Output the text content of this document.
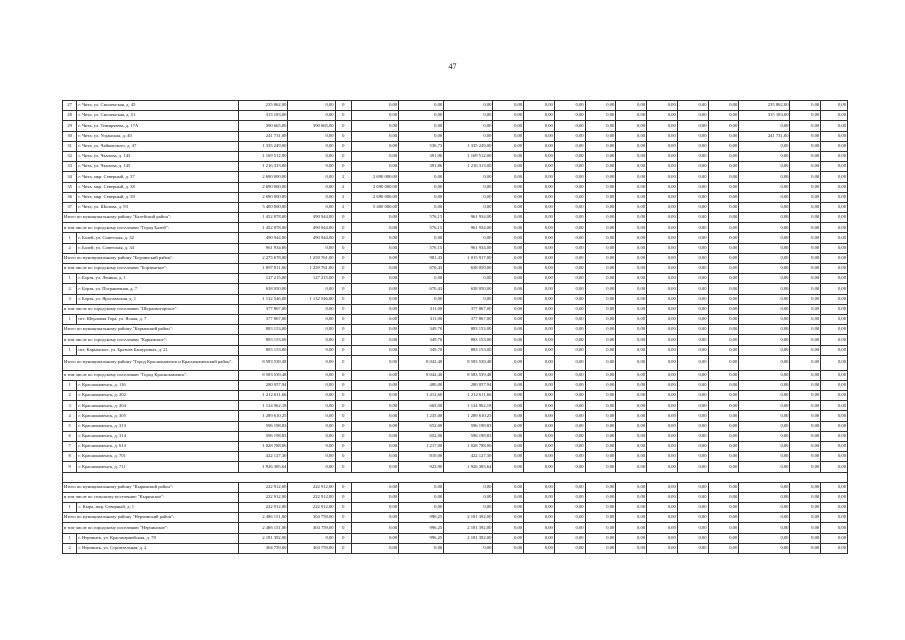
47
27	г. Чита, ул. Смоленская, д. 45	235 862,00	0,00	0	0,00	0,00	0,00	0,00	0,00	0,00	0,00	0,00	0,00	0,00	0,00	235 862,00	0,00	0,00
28	г. Чита, ул. Смоленская, д. 51	315 183,00	0,00	0	0,00	0,00	0,00	0,00	0,00	0,00	0,00	0,00	0,00	0,00	0,00	315 183,00	0,00	0,00
29	г. Чита, ул. Тимирязева, д. 17А	390 665,00	390 665,00	0	0,00	0,00	0,00	0,00	0,00	0,00	0,00	0,00	0,00	0,00	0,00	0,00	0,00	0,00
30	г. Чита, ул. Угданская, д. 40	241 731,00	0,00	0	0,00	0,00	0,00	0,00	0,00	0,00	0,00	0,00	0,00	0,00	0,00	241 731,00	0,00	0,00
31	г. Чита, ул. Чайковского, д. 47	1 335 249,00	0,00	0	0,00	536,73	1 335 249,00	0,00	0,00	0,00	0,00	0,00	0,00	0,00	0,00	0,00	0,00	0,00
32	г. Чита, ул. Чкалова, д. 143	1 169 512,00	0,00	0	0,00	391,96	1 169 512,00	0,00	0,00	0,00	0,00	0,00	0,00	0,00	0,00	0,00	0,00	0,00
33	г. Чита, ул. Чкалова, д. 145	1 216 313,00	0,00	0	0,00	391,86	1 216 313,00	0,00	0,00	0,00	0,00	0,00	0,00	0,00	0,00	0,00	0,00	0,00
34	г. Чита, мкр. Северный, д. 37	2 690 000,00	0,00	2	2 690 000,00	0,00	0,00	0,00	0,00	0,00	0,00	0,00	0,00	0,00	0,00	0,00	0,00	0,00
35	г. Чита, мкр. Северный, д. 38	2 690 000,00	0,00	2	2 690 000,00	0,00	0,00	0,00	0,00	0,00	0,00	0,00	0,00	0,00	0,00	0,00	0,00	0,00
36	г. Чита, мкр. Северный, д. 39	2 690 000,00	0,00	2	2 690 000,00	0,00	0,00	0,00	0,00	0,00	0,00	0,00	0,00	0,00	0,00	0,00	0,00	0,00
37	г. Чита, ул. Шилова, д. 93	5 400 000,00	0,00	2	5 400 000,00	0,00	0,00	0,00	0,00	0,00	0,00	0,00	0,00	0,00	0,00	0,00	0,00	0,00
Итого по муниципальному району "Балейский район":		1 452 878,00	490 944,00	0	0,00	576,15	961 934,00	0,00	0,00	0,00	0,00	0,00	0,00	0,00	0,00	0,00	0,00	0,00
в том числе по городскому поселению "Город Балей":		1 452 878,00	490 944,00	0	0,00	576,15	961 934,00	0,00	0,00	0,00	0,00	0,00	0,00	0,00	0,00	0,00	0,00	0,00
1	г. Балей, ул. Советская, д. 32	490 944,00	490 944,00	0	0,00	0,00	0,00	0,00	0,00	0,00	0,00	0,00	0,00	0,00	0,00	0,00	0,00	0,00
2	г. Балей, ул. Советская, д. 34	961 934,00	0,00	0	0,00	576,15	961 934,00	0,00	0,00	0,00	0,00	0,00	0,00	0,00	0,00	0,00	0,00	0,00
Итого по муниципальному району "Борзинский район":		2 275 678,00	1 259 761,00	0	0,00	981,43	1 015 917,00	0,00	0,00	0,00	0,00	0,00	0,00	0,00	0,00	0,00	0,00	0,00
в том числе по городскому поселению "Борзинское":		1 897 811,00	1 259 761,00	0	0,00	670,43	638 050,00	0,00	0,00	0,00	0,00	0,00	0,00	0,00	0,00	0,00	0,00	0,00
1	г. Борзя, ул. Ленина, д. 1	127 215,00	127 215,00	0	0,00	0,00	0,00	0,00	0,00	0,00	0,00	0,00	0,00	0,00	0,00	0,00	0,00	0,00
2	г. Борзя, ул. Пограничная, д. 7	638 050,00	0,00	0	0,00	670,43	638 050,00	0,00	0,00	0,00	0,00	0,00	0,00	0,00	0,00	0,00	0,00	0,00
3	г. Борзя, ул. Ярославская, д. 1	1 132 546,00	1 132 546,00	0	0,00	0,00	0,00	0,00	0,00	0,00	0,00	0,00	0,00	0,00	0,00	0,00	0,00	0,00
в том числе по городскому поселению "Шерловогорское":		377 867,00	0,00	0	0,00	311,00	377 867,00	0,00	0,00	0,00	0,00	0,00	0,00	0,00	0,00	0,00	0,00	0,00
1	пгт. Шерловая Гора, ул. Ясная, д. 7	377 867,00	0,00	0	0,00	311,00	377 867,00	0,00	0,00	0,00	0,00	0,00	0,00	0,00	0,00	0,00	0,00	0,00
Итого по муниципальному району "Карымский район":		883 153,00	0,00	0	0,00	349,70	883 153,00	0,00	0,00	0,00	0,00	0,00	0,00	0,00	0,00	0,00	0,00	0,00
в том числе по городскому поселению "Карымское":		883 153,00	0,00	0	0,00	349,70	883 153,00	0,00	0,00	0,00	0,00	0,00	0,00	0,00	0,00	0,00	0,00	0,00
1	пгт. Карымское, ул. Братьев Башуровых, д. 21	883 153,00	0,00	0	0,00	349,70	883 153,00	0,00	0,00	0,00	0,00	0,00	0,00	0,00	0,00	0,00	0,00	0,00
Итого по муниципальному району "Город Краснокаменск и Краснокаменский район":		8 583 539,48	0,00	0	0,00	8 042,40	8 583 539,48	0,00	0,00	0,00	0,00	0,00	0,00	0,00	0,00	0,00	0,00	0,00
в том числе по городскому поселению "Город Краснокаменск":		8 583 539,48	0,00	0	0,00	8 042,40	8 583 539,48	0,00	0,00	0,00	0,00	0,00	0,00	0,00	0,00	0,00	0,00	0,00
1	г. Краснокаменск, д. 116	280 057,94	0,00	0	0,00	480,00	280 057,94	0,00	0,00	0,00	0,00	0,00	0,00	0,00	0,00	0,00	0,00	0,00
2	г. Краснокаменск, д. 202	1 212 611,66	0,00	0	0,00	1 412,60	1 212 611,66	0,00	0,00	0,00	0,00	0,00	0,00	0,00	0,00	0,00	0,00	0,00
3	г. Краснокаменск, д. 204	1 134 962,18	0,00	0	0,00	665,00	1 134 962,18	0,00	0,00	0,00	0,00	0,00	0,00	0,00	0,00	0,00	0,00	0,00
4	г. Краснокаменск, д. 305	1 289 610,25	0,00	0	0,00	1 235,00	1 289 610,25	0,00	0,00	0,00	0,00	0,00	0,00	0,00	0,00	0,00	0,00	0,00
5	г. Краснокаменск, д. 313	596 198,83	0,00	0	0,00	652,00	596 198,83	0,00	0,00	0,00	0,00	0,00	0,00	0,00	0,00	0,00	0,00	0,00
6	г. Краснокаменск, д. 314	596 198,83	0,00	0	0,00	652,00	596 198,83	0,00	0,00	0,00	0,00	0,00	0,00	0,00	0,00	0,00	0,00	0,00
7	г. Краснокаменск, д. 614	1 028 788,06	0,00	0	0,00	1 217,00	1 028 788,06	0,00	0,00	0,00	0,00	0,00	0,00	0,00	0,00	0,00	0,00	0,00
8	г. Краснокаменск, д. 701	422 127,30	0,00	0	0,00	810,00	422 127,30	0,00	0,00	0,00	0,00	0,00	0,00	0,00	0,00	0,00	0,00	0,00
9	г. Краснокаменск, д. 711	1 926 385,64	0,00	0	0,00	923,90	1 926 385,64	0,00	0,00	0,00	0,00	0,00	0,00	0,00	0,00	0,00	0,00	0,00

Итого по муниципальному району "Кыринский район":		222 912,00	222 912,00	0	0,00	0,00	0,00	0,00	0,00	0,00	0,00	0,00	0,00	0,00	0,00	0,00	0,00	0,00
в том числе по сельскому поселению "Кыринское":		222 912,00	222 912,00	0	0,00	0,00	0,00	0,00	0,00	0,00	0,00	0,00	0,00	0,00	0,00	0,00	0,00	0,00
1	с. Кыра, мкр. Северный, д. 1	222 912,00	222 912,00	0	0,00	0,00	0,00	0,00	0,00	0,00	0,00	0,00	0,00	0,00	0,00	0,00	0,00	0,00
Итого по муниципальному району "Нерчинский район":		2 486 151,00	304 759,00	0	0,00	996,25	2 181 392,00	0,00	0,00	0,00	0,00	0,00	0,00	0,00	0,00	0,00	0,00	0,00
в том числе по городскому поселению "Нерчинское":		2 486 151,00	304 759,00	0	0,00	996,25	2 181 392,00	0,00	0,00	0,00	0,00	0,00	0,00	0,00	0,00	0,00	0,00	0,00
1	г. Нерчинск, ул. Красноармейская, д. 78	2 181 392,00	0,00	0	0,00	996,25	2 181 392,00	0,00	0,00	0,00	0,00	0,00	0,00	0,00	0,00	0,00	0,00	0,00
2	г. Нерчинск, ул. Строительная, д. 2	304 759,00	304 759,00	0	0,00	0,00	0,00	0,00	0,00	0,00	0,00	0,00	0,00	0,00	0,00	0,00	0,00	0,00
